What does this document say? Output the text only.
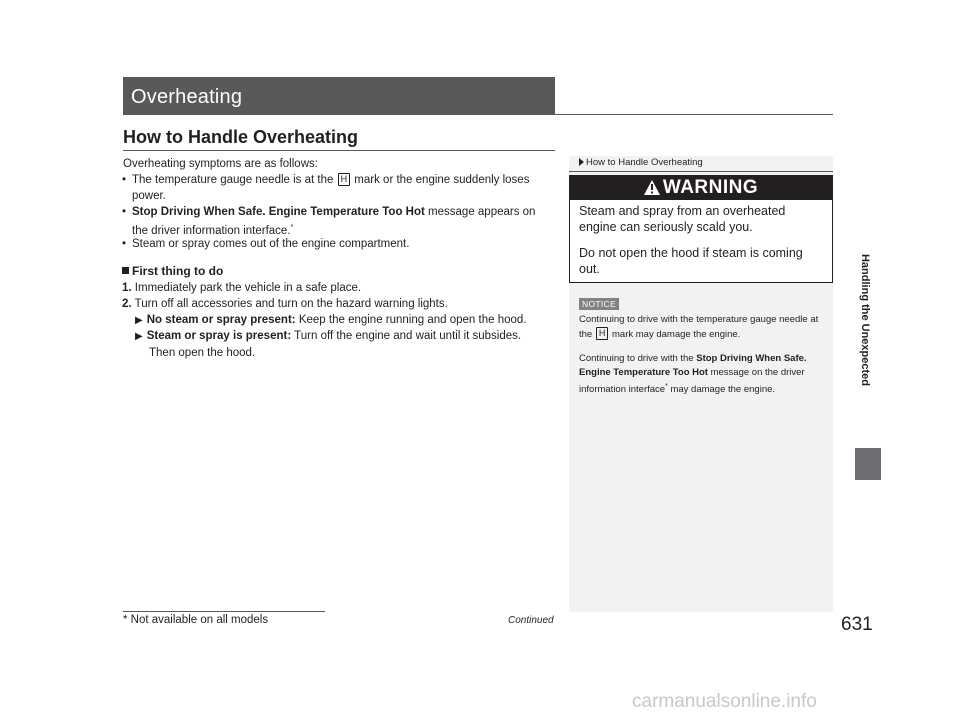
Overheating
How to Handle Overheating
Overheating symptoms are as follows:
• The temperature gauge needle is at the H mark or the engine suddenly loses
power.
• Stop Driving When Safe. Engine Temperature Too Hot message appears on
the driver information interface.*
• Steam or spray comes out of the engine compartment.
First thing to do
1. Immediately park the vehicle in a safe place.
2. Turn off all accessories and turn on the hazard warning lights.
▶ No steam or spray present: Keep the engine running and open the hood.
▶ Steam or spray is present: Turn off the engine and wait until it subsides.
Then open the hood.
How to Handle Overheating
WARNING
Steam and spray from an overheated engine can seriously scald you.
Do not open the hood if steam is coming out.
NOTICE
Continuing to drive with the temperature gauge needle at the H mark may damage the engine.
Continuing to drive with the Stop Driving When Safe. Engine Temperature Too Hot message on the driver information interface* may damage the engine.
Handling the Unexpected
Continued	631
* Not available on all models
carmanualsonline.info
